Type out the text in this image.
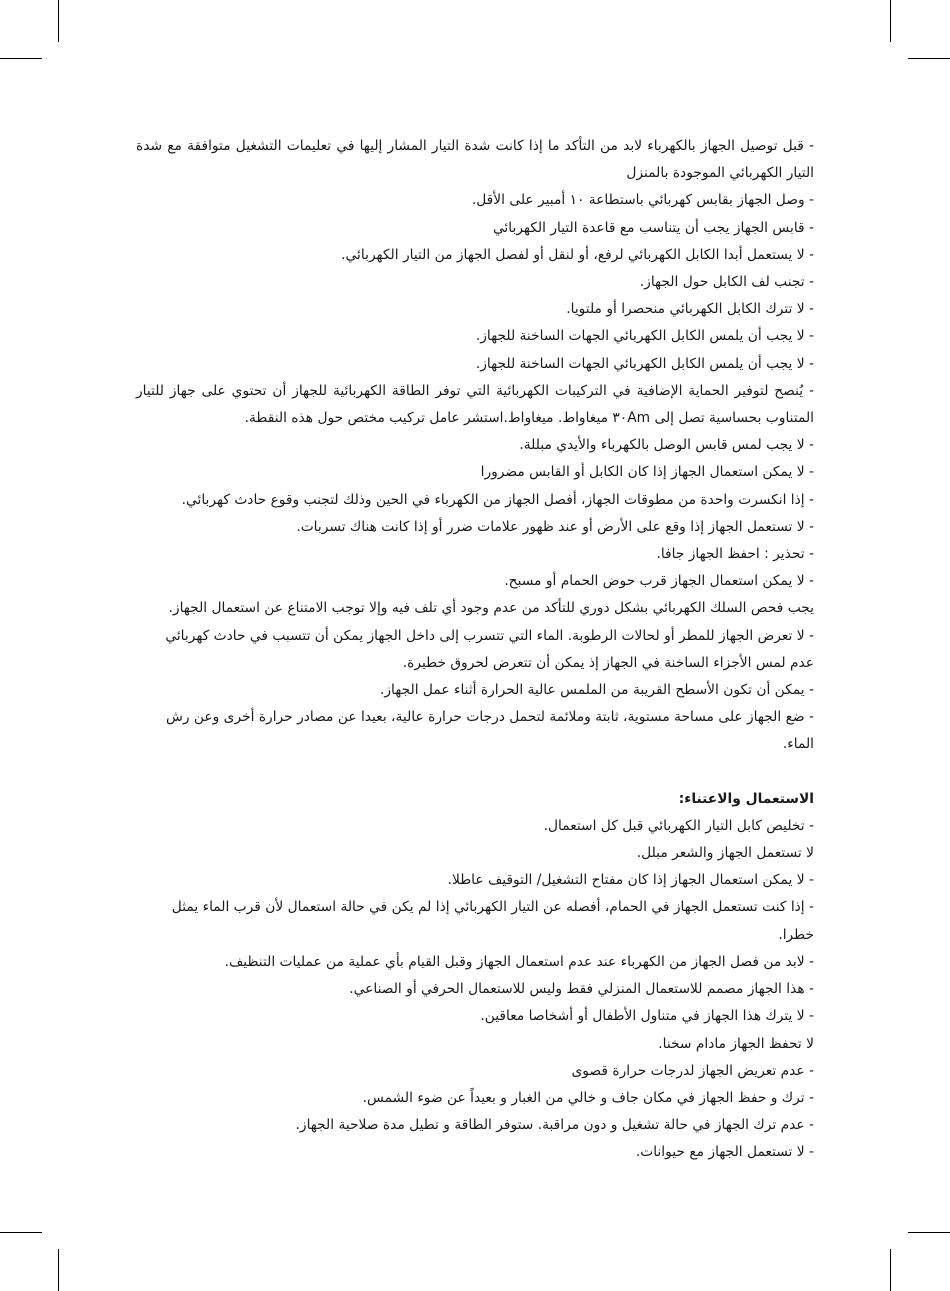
- قبل توصيل الجهاز بالكهرباء لابد من التأكد ما إذا كانت شدة التيار المشار إليها في تعليمات التشغيل متوافقة مع شدة التيار الكهربائي الموجودة بالمنزل

- وصل الجهاز بقابس كهربائي باستطاعة ١٠ أمبير على الأقل.

- قابس الجهاز يجب أن يتناسب مع قاعدة التيار الكهربائي

- لا يستعمل أبدا الكابل الكهربائي لرفع، أو لنقل أو لفصل الجهاز من التيار الكهربائي.

- تجنب لف الكابل حول الجهاز.

- لا تترك الكابل الكهربائي منحصرا أو ملتويا.

- لا يجب أن يلمس الكابل الكهربائي الجهات الساخنة للجهاز.

- لا يجب أن يلمس الكابل الكهربائي الجهات الساخنة للجهاز.

- يُنصح لتوفير الحماية الإضافية في التركيبات الكهربائية التي توفر الطاقة الكهربائية للجهاز أن تحتوي على جهاز للتيار المتناوب بحساسية تصل إلى ٣٠Am ميغاواط. ميغاواط.استشر عامل تركيب مختص حول هذه النقطة.

- لا يجب لمس قابس الوصل بالكهرباء والأيدي مبللة.

- لا يمكن استعمال الجهاز إذا كان الكابل أو القابس مضرورا

- إذا انكسرت واحدة من مطوقات الجهاز، أفصل الجهاز من الكهرباء في الحين وذلك لتجنب وقوع حادث كهربائي.

- لا تستعمل الجهاز إذا وقع على الأرض أو عند ظهور علامات ضرر أو إذا كانت هناك تسربات.

- تحذير : احفظ الجهاز جافا.

- لا يمكن استعمال الجهاز قرب حوض الحمام أو مسبح.

يجب فحص السلك الكهربائي بشكل دوري للتأكد من عدم وجود أي تلف فيه وإلا توجب الامتناع عن استعمال الجهاز.

- لا تعرض الجهاز للمطر أو لحالات الرطوبة. الماء التي تتسرب إلى داخل الجهاز يمكن أن تتسبب في حادث كهربائي

عدم لمس الأجزاء الساخنة في الجهاز إذ يمكن أن تتعرض لحروق خطيرة.

- يمكن أن تكون الأسطح القريبة من الملمس عالية الحرارة أثناء عمل الجهاز.

- ضع الجهاز على مساحة مستوية، ثابتة وملائمة لتحمل درجات حرارة عالية، بعيدا عن مصادر حرارة أخرى وعن رش الماء.

الاستعمال والاعتناء:

- تخليص كابل التيار الكهربائي قبل كل استعمال.

لا تستعمل الجهاز والشعر مبلل.

- لا يمكن استعمال الجهاز إذا كان مفتاح التشغيل/ التوقيف عاطلا.

- إذا كنت تستعمل الجهاز في الحمام، أفصله عن التيار الكهربائي إذا لم يكن في حالة استعمال لأن قرب الماء يمثل خطرا.

- لابد من فصل الجهاز من الكهرباء عند عدم استعمال الجهاز وقبل القيام بأي عملية من عمليات التنظيف.

- هذا الجهاز مصمم للاستعمال المنزلي فقط وليس للاستعمال الحرفي أو الصناعي.

- لا يترك هذا الجهاز في متناول الأطفال أو أشخاصا معاقين.

لا تحفظ الجهاز مادام سخنا.

- عدم تعريض الجهاز لدرجات حرارة قصوى

- ترك و حفظ الجهاز في مكان جاف و خالي من الغبار و بعيداً عن ضوء الشمس.

- عدم ترك الجهاز في حالة تشغيل و دون مراقبة. ستوفر الطاقة و تطيل مدة صلاحية الجهاز.

- لا تستعمل الجهاز مع حيوانات.
